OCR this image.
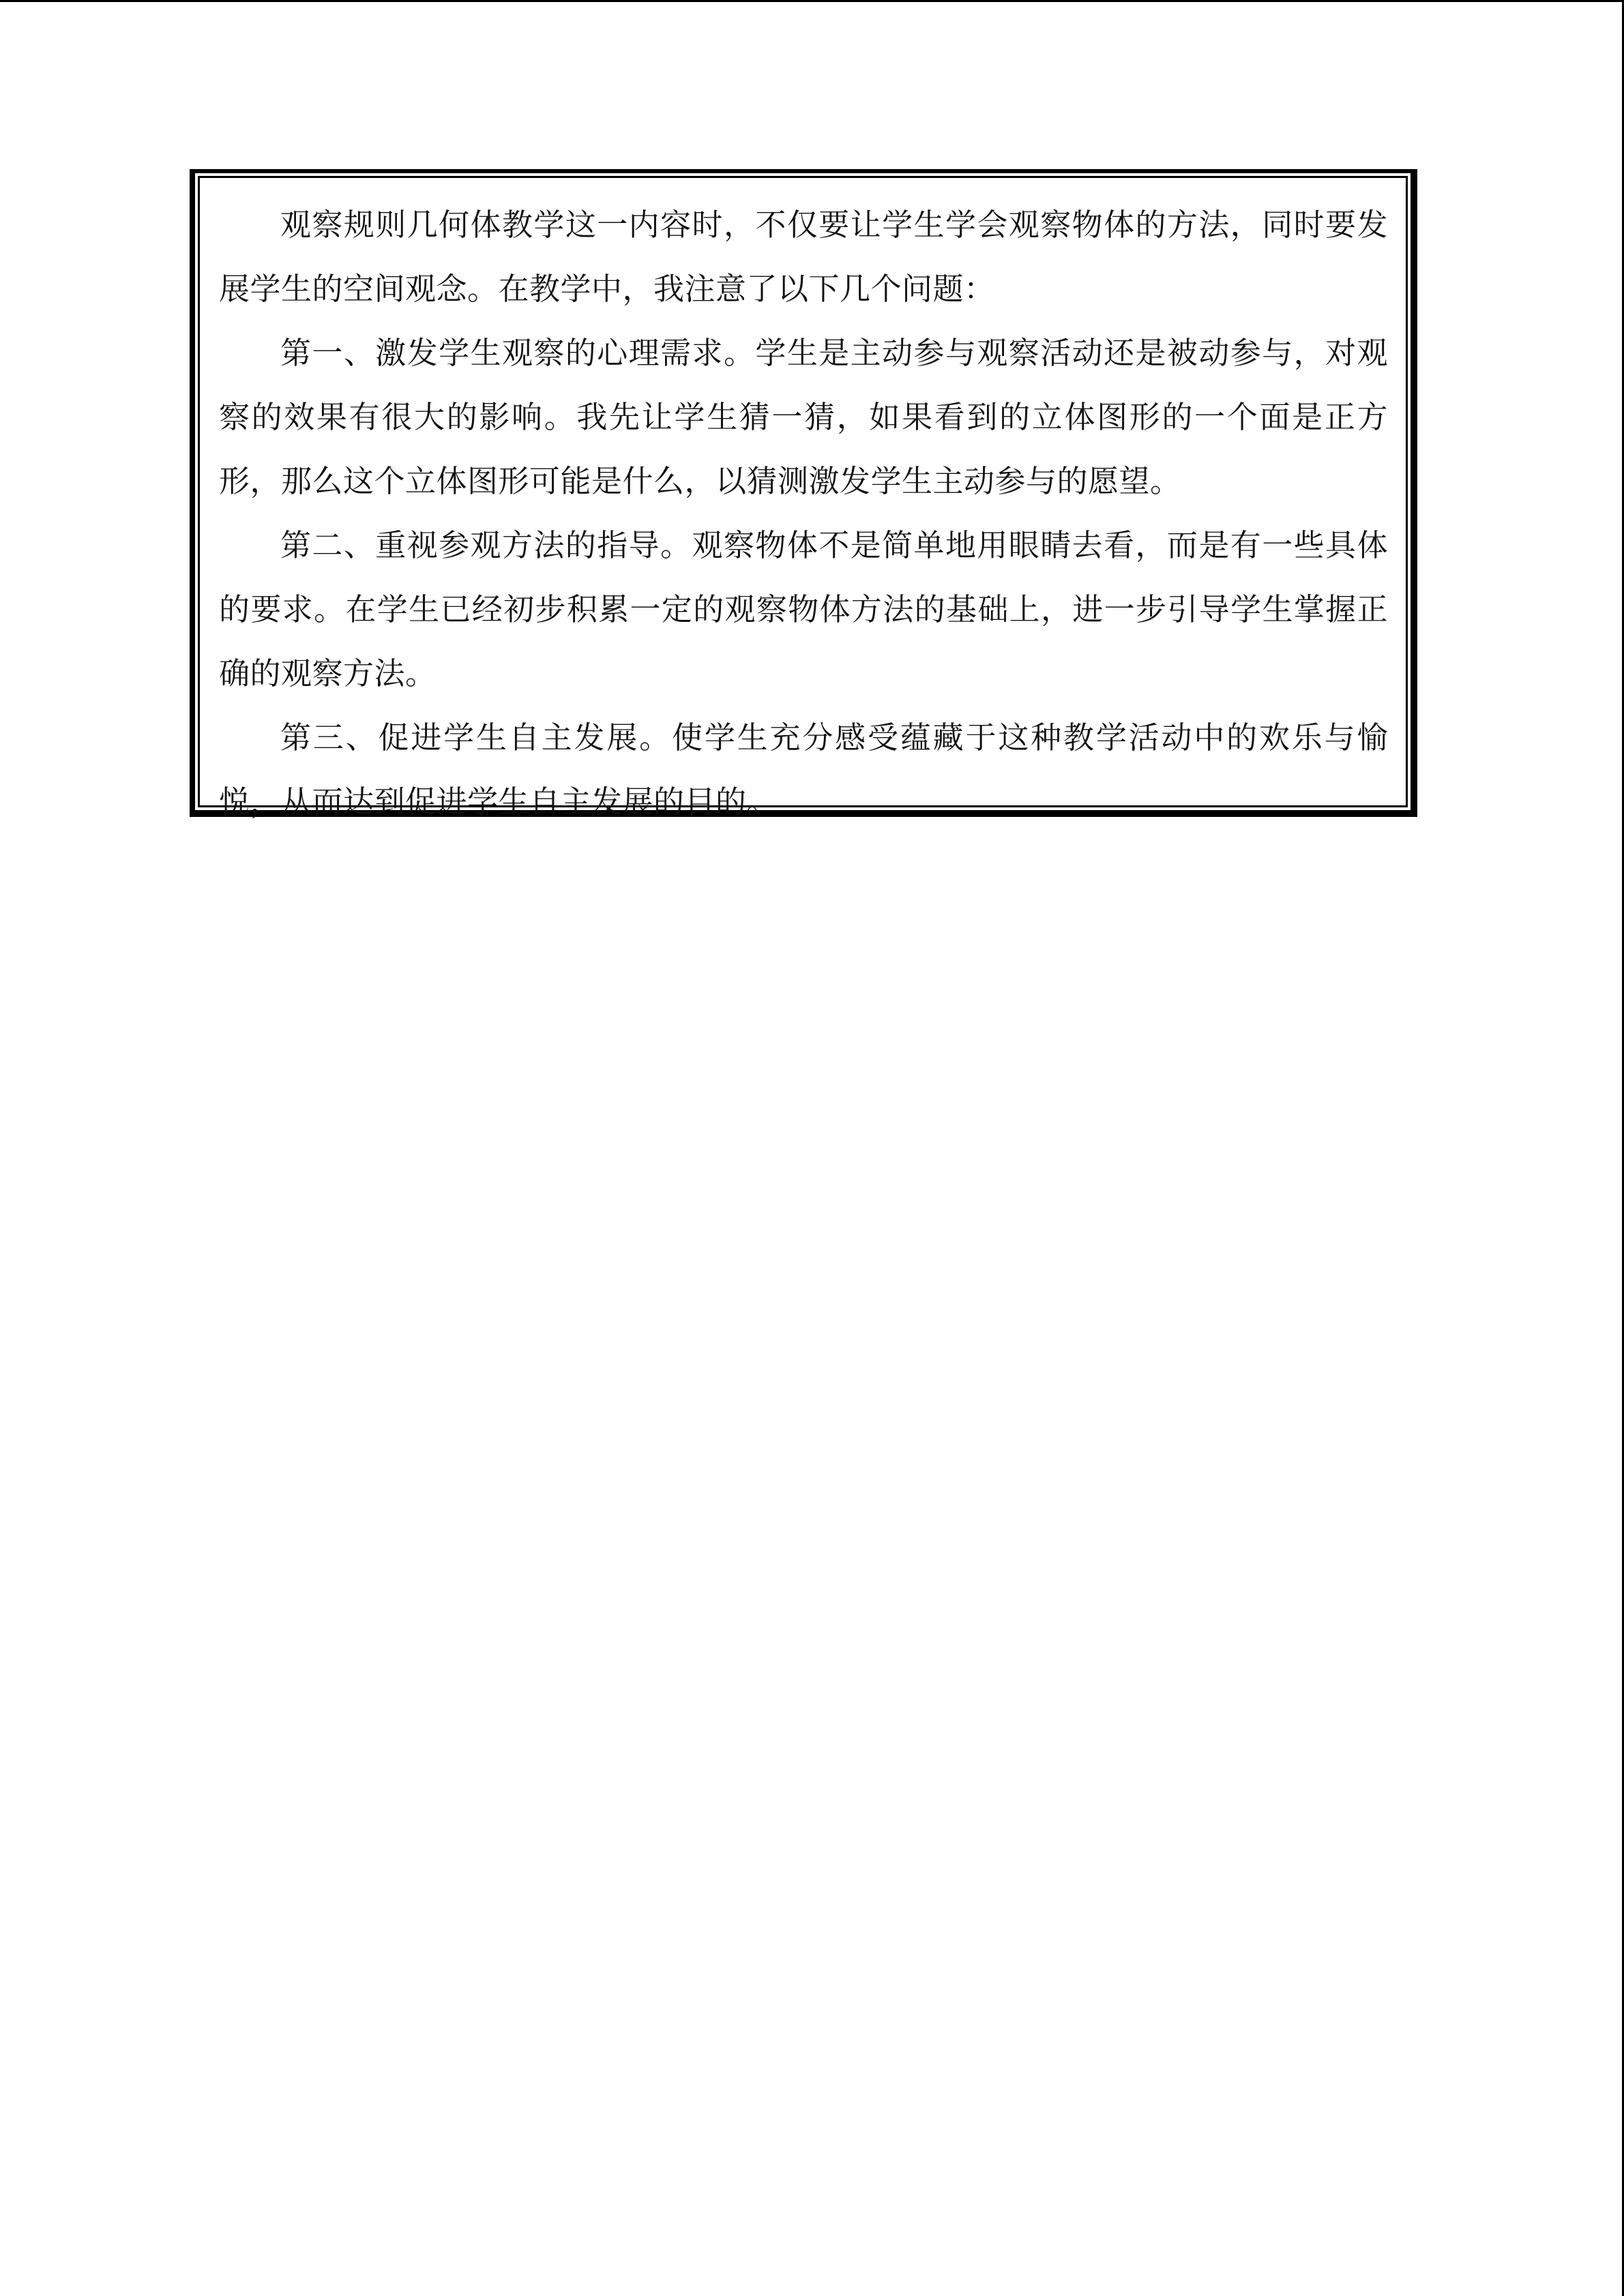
观察规则几何体教学这一内容时，不仅要让学生学会观察物体的方法，同时要发展学生的空间观念。在教学中，我注意了以下几个问题：

第一、激发学生观察的心理需求。学生是主动参与观察活动还是被动参与，对观察的效果有很大的影响。我先让学生猜一猜，如果看到的立体图形的一个面是正方形，那么这个立体图形可能是什么，以猜测激发学生主动参与的愿望。

第二、重视参观方法的指导。观察物体不是简单地用眼睛去看，而是有一些具体的要求。在学生已经初步积累一定的观察物体方法的基础上，进一步引导学生掌握正确的观察方法。

第三、促进学生自主发展。使学生充分感受蕴藏于这种教学活动中的欢乐与愉悦，从而达到促进学生自主发展的目的。
